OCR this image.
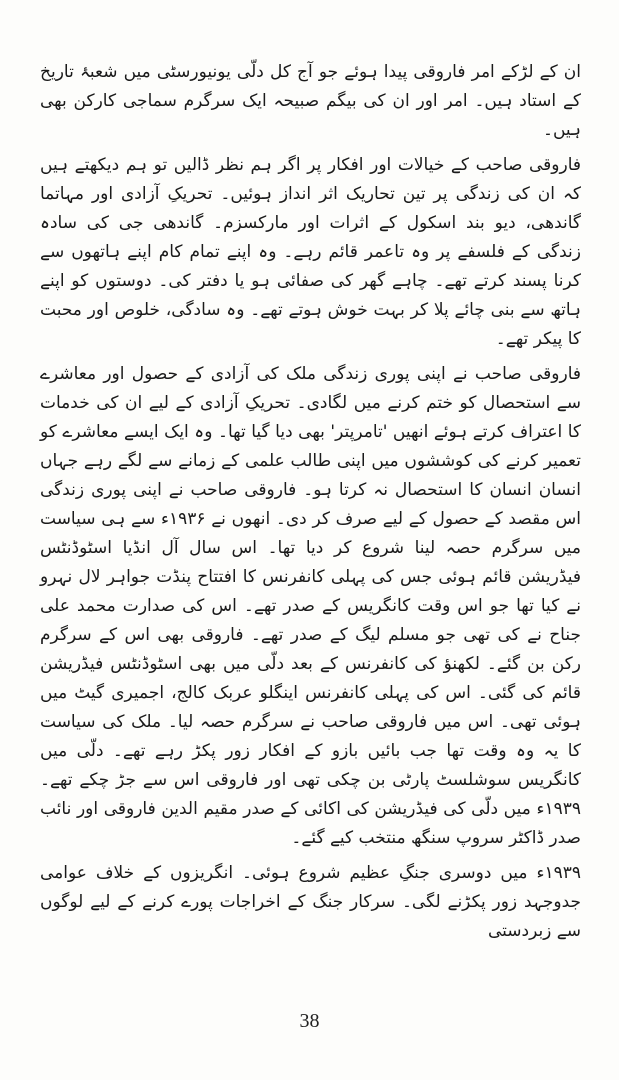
ان کے لڑکے امر فاروقی پیدا ہوئے جو آج کل دلّی یونیورسٹی میں شعبۂ تاریخ کے استاد ہیں۔ امر اور ان کی بیگم صبیحہ ایک سرگرم سماجی کارکن بھی ہیں۔

فاروقی صاحب کے خیالات اور افکار پر اگر ہم نظر ڈالیں تو ہم دیکھتے ہیں کہ ان کی زندگی پر تین تحاریک اثر انداز ہوئیں۔ تحریکِ آزادی اور مہاتما گاندھی، دیو بند اسکول کے اثرات اور مارکسزم۔ گاندھی جی کی سادہ زندگی کے فلسفے پر وہ تاعمر قائم رہے۔ وہ اپنے تمام کام اپنے ہاتھوں سے کرنا پسند کرتے تھے۔ چاہے گھر کی صفائی ہو یا دفتر کی۔ دوستوں کو اپنے ہاتھ سے بنی چائے پلا کر بہت خوش ہوتے تھے۔ وہ سادگی، خلوص اور محبت کا پیکر تھے۔

فاروقی صاحب نے اپنی پوری زندگی ملک کی آزادی کے حصول اور معاشرے سے استحصال کو ختم کرنے میں لگادی۔ تحریکِ آزادی کے لیے ان کی خدمات کا اعتراف کرتے ہوئے انھیں 'تامرپتر' بھی دیا گیا تھا۔ وہ ایک ایسے معاشرے کو تعمیر کرنے کی کوششوں میں اپنی طالب علمی کے زمانے سے لگے رہے جہاں انسان انسان کا استحصال نہ کرتا ہو۔ فاروقی صاحب نے اپنی پوری زندگی اس مقصد کے حصول کے لیے صرف کر دی۔ انھوں نے ۱۹۳۶ء سے ہی سیاست میں سرگرم حصہ لینا شروع کر دیا تھا۔ اس سال آل انڈیا اسٹوڈنٹس فیڈریشن قائم ہوئی جس کی پہلی کانفرنس کا افتتاح پنڈت جواہر لال نہرو نے کیا تھا جو اس وقت کانگریس کے صدر تھے۔ اس کی صدارت محمد علی جناح نے کی تھی جو مسلم لیگ کے صدر تھے۔ فاروقی بھی اس کے سرگرم رکن بن گئے۔ لکھنؤ کی کانفرنس کے بعد دلّی میں بھی اسٹوڈنٹس فیڈریشن قائم کی گئی۔ اس کی پہلی کانفرنس اینگلو عربک کالج، اجمیری گیٹ میں ہوئی تھی۔ اس میں فاروقی صاحب نے سرگرم حصہ لیا۔ ملک کی سیاست کا یہ وہ وقت تھا جب بائیں بازو کے افکار زور پکڑ رہے تھے۔ دلّی میں کانگریس سوشلسٹ پارٹی بن چکی تھی اور فاروقی اس سے جڑ چکے تھے۔ ۱۹۳۹ء میں دلّی کی فیڈریشن کی اکائی کے صدر مقیم الدین فاروقی اور نائب صدر ڈاکٹر سروپ سنگھ منتخب کیے گئے۔

۱۹۳۹ء میں دوسری جنگِ عظیم شروع ہوئی۔ انگریزوں کے خلاف عوامی جدوجہد زور پکڑنے لگی۔ سرکار جنگ کے اخراجات پورے کرنے کے لیے لوگوں سے زبردستی

38
